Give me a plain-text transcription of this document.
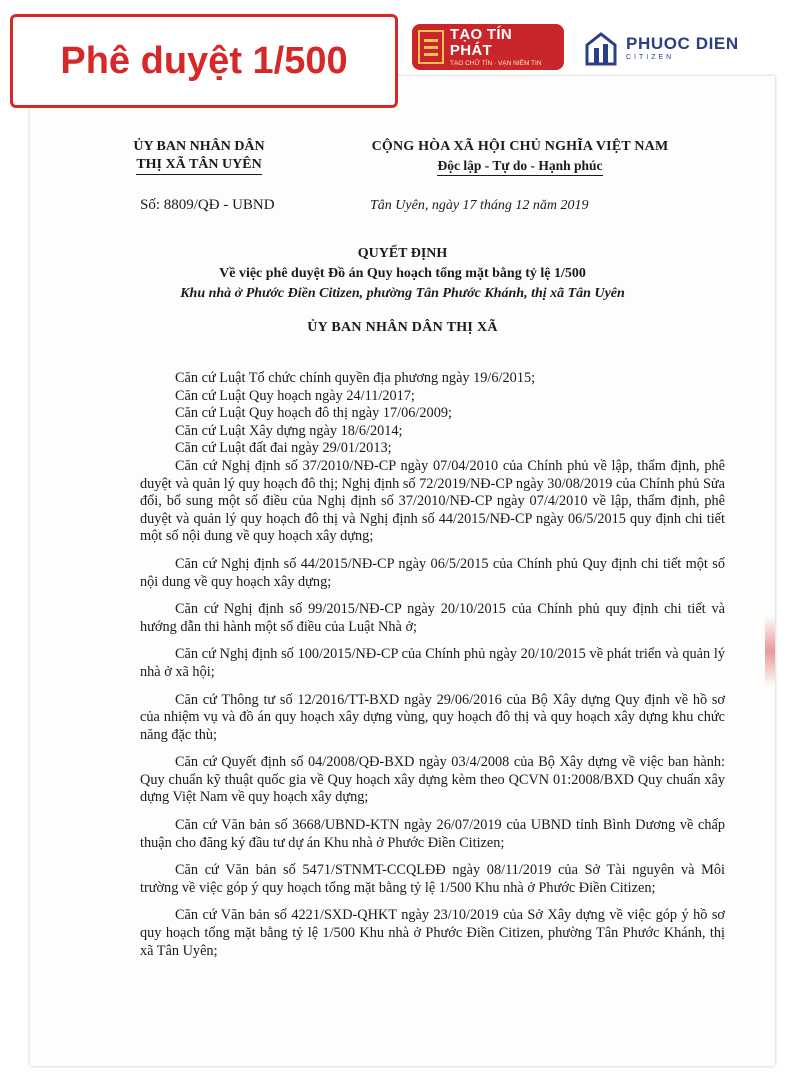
Phê duyệt 1/500
TẠO TÍN PHÁT
TẠO CHỮ TÍN · VẠN NIỀM TIN
PHUOC DIEN
CITIZEN
ỦY BAN NHÂN DÂN
THỊ XÃ TÂN UYÊN
CỘNG HÒA XÃ HỘI CHỦ NGHĨA VIỆT NAM
Độc lập - Tự do - Hạnh phúc
Số: 8809/QĐ - UBND	Tân Uyên, ngày 17 tháng 12 năm 2019
QUYẾT ĐỊNH
Về việc phê duyệt Đồ án Quy hoạch tổng mặt bằng tỷ lệ 1/500
Khu nhà ở Phước Điền Citizen, phường Tân Phước Khánh, thị xã Tân Uyên
ỦY BAN NHÂN DÂN THỊ XÃ

Căn cứ Luật Tổ chức chính quyền địa phương ngày 19/6/2015;

Căn cứ Luật Quy hoạch ngày 24/11/2017;

Căn cứ Luật Quy hoạch đô thị ngày 17/06/2009;

Căn cứ Luật Xây dựng ngày 18/6/2014;

Căn cứ Luật đất đai ngày 29/01/2013;

Căn cứ Nghị định số 37/2010/NĐ-CP ngày 07/04/2010 của Chính phủ về lập, thẩm định, phê duyệt và quản lý quy hoạch đô thị; Nghị định số 72/2019/NĐ-CP ngày 30/08/2019 của Chính phủ Sửa đổi, bổ sung một số điều của Nghị định số 37/2010/NĐ-CP ngày 07/4/2010 về lập, thẩm định, phê duyệt và quản lý quy hoạch đô thị và Nghị định số 44/2015/NĐ-CP ngày 06/5/2015 quy định chi tiết một số nội dung về quy hoạch xây dựng;

Căn cứ Nghị định số 44/2015/NĐ-CP ngày 06/5/2015 của Chính phủ Quy định chi tiết một số nội dung về quy hoạch xây dựng;

Căn cứ Nghị định số 99/2015/NĐ-CP ngày 20/10/2015 của Chính phủ quy định chi tiết và hướng dẫn thi hành một số điều của Luật Nhà ở;

Căn cứ Nghị định số 100/2015/NĐ-CP của Chính phủ ngày 20/10/2015 về phát triển và quản lý nhà ở xã hội;

Căn cứ Thông tư số 12/2016/TT-BXD ngày 29/06/2016 của Bộ Xây dựng Quy định về hồ sơ của nhiệm vụ và đồ án quy hoạch xây dựng vùng, quy hoạch đô thị và quy hoạch xây dựng khu chức năng đặc thù;

Căn cứ Quyết định số 04/2008/QĐ-BXD ngày 03/4/2008 của Bộ Xây dựng về việc ban hành: Quy chuẩn kỹ thuật quốc gia về Quy hoạch xây dựng kèm theo QCVN 01:2008/BXD Quy chuẩn xây dựng Việt Nam về quy hoạch xây dựng;

Căn cứ Văn bản số 3668/UBND-KTN ngày 26/07/2019 của UBND tỉnh Bình Dương về chấp thuận cho đăng ký đầu tư dự án Khu nhà ở Phước Điền Citizen;

Căn cứ Văn bản số 5471/STNMT-CCQLĐĐ ngày 08/11/2019 của Sở Tài nguyên và Môi trường về việc góp ý quy hoạch tổng mặt bằng tỷ lệ 1/500 Khu nhà ở Phước Điền Citizen;

Căn cứ Văn bản số 4221/SXD-QHKT ngày 23/10/2019 của Sở Xây dựng về việc góp ý hồ sơ quy hoạch tổng mặt bằng tỷ lệ 1/500 Khu nhà ở Phước Điền Citizen, phường Tân Phước Khánh, thị xã Tân Uyên;
